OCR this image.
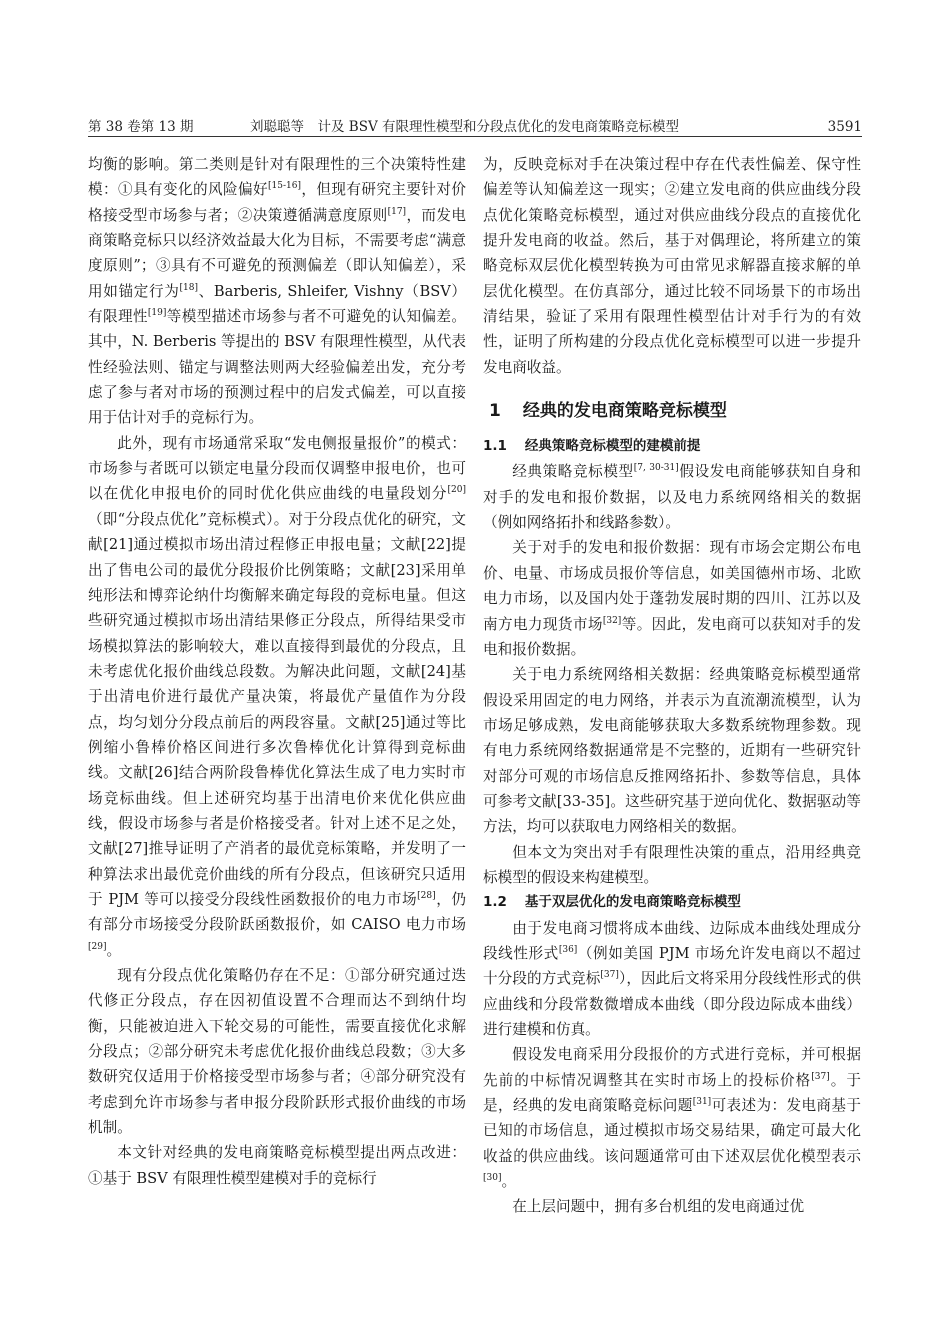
第 38 卷第 13 期	刘聪聪等　计及 BSV 有限理性模型和分段点优化的发电商策略竞标模型	3591

均衡的影响。第二类则是针对有限理性的三个决策特性建模：①具有变化的风险偏好[15-16]，但现有研究主要针对价格接受型市场参与者；②决策遵循满意度原则[17]，而发电商策略竞标只以经济效益最大化为目标，不需要考虑“满意度原则”；③具有不可避免的预测偏差（即认知偏差），采用如锚定行为[18]、Barberis, Shleifer, Vishny（BSV）有限理性[19]等模型描述市场参与者不可避免的认知偏差。其中，N. Berberis 等提出的 BSV 有限理性模型，从代表性经验法则、锚定与调整法则两大经验偏差出发，充分考虑了参与者对市场的预测过程中的启发式偏差，可以直接用于估计对手的竞标行为。

此外，现有市场通常采取“发电侧报量报价”的模式：市场参与者既可以锁定电量分段而仅调整申报电价，也可以在优化申报电价的同时优化供应曲线的电量段划分[20]（即“分段点优化”竞标模式）。对于分段点优化的研究，文献[21]通过模拟市场出清过程修正申报电量；文献[22]提出了售电公司的最优分段报价比例策略；文献[23]采用单纯形法和博弈论纳什均衡解来确定每段的竞标电量。但这些研究通过模拟市场出清结果修正分段点，所得结果受市场模拟算法的影响较大，难以直接得到最优的分段点，且未考虑优化报价曲线总段数。为解决此问题，文献[24]基于出清电价进行最优产量决策，将最优产量值作为分段点，均匀划分分段点前后的两段容量。文献[25]通过等比例缩小鲁棒价格区间进行多次鲁棒优化计算得到竞标曲线。文献[26]结合两阶段鲁棒优化算法生成了电力实时市场竞标曲线。但上述研究均基于出清电价来优化供应曲线，假设市场参与者是价格接受者。针对上述不足之处，文献[27]推导证明了产消者的最优竞标策略，并发明了一种算法求出最优竞价曲线的所有分段点，但该研究只适用于 PJM 等可以接受分段线性函数报价的电力市场[28]，仍有部分市场接受分段阶跃函数报价，如 CAISO 电力市场[29]。

现有分段点优化策略仍存在不足：①部分研究通过迭代修正分段点，存在因初值设置不合理而达不到纳什均衡，只能被迫进入下轮交易的可能性，需要直接优化求解分段点；②部分研究未考虑优化报价曲线总段数；③大多数研究仅适用于价格接受型市场参与者；④部分研究没有考虑到允许市场参与者申报分段阶跃形式报价曲线的市场机制。

本文针对经典的发电商策略竞标模型提出两点改进：①基于 BSV 有限理性模型建模对手的竞标行

为，反映竞标对手在决策过程中存在代表性偏差、保守性偏差等认知偏差这一现实；②建立发电商的供应曲线分段点优化策略竞标模型，通过对供应曲线分段点的直接优化提升发电商的收益。然后，基于对偶理论，将所建立的策略竞标双层优化模型转换为可由常见求解器直接求解的单层优化模型。在仿真部分，通过比较不同场景下的市场出清结果，验证了采用有限理性模型估计对手行为的有效性，证明了所构建的分段点优化竞标模型可以进一步提升发电商收益。

1 经典的发电商策略竞标模型
1.1 经典策略竞标模型的建模前提

经典策略竞标模型[7, 30-31]假设发电商能够获知自身和对手的发电和报价数据，以及电力系统网络相关的数据（例如网络拓扑和线路参数）。

关于对手的发电和报价数据：现有市场会定期公布电价、电量、市场成员报价等信息，如美国德州市场、北欧电力市场，以及国内处于蓬勃发展时期的四川、江苏以及南方电力现货市场[32]等。因此，发电商可以获知对手的发电和报价数据。

关于电力系统网络相关数据：经典策略竞标模型通常假设采用固定的电力网络，并表示为直流潮流模型，认为市场足够成熟，发电商能够获取大多数系统物理参数。现有电力系统网络数据通常是不完整的，近期有一些研究针对部分可观的市场信息反推网络拓扑、参数等信息，具体可参考文献[33-35]。这些研究基于逆向优化、数据驱动等方法，均可以获取电力网络相关的数据。

但本文为突出对手有限理性决策的重点，沿用经典竞标模型的假设来构建模型。

1.2 基于双层优化的发电商策略竞标模型

由于发电商习惯将成本曲线、边际成本曲线处理成分段线性形式[36]（例如美国 PJM 市场允许发电商以不超过十分段的方式竞标[37]），因此后文将采用分段线性形式的供应曲线和分段常数微增成本曲线（即分段边际成本曲线）进行建模和仿真。

假设发电商采用分段报价的方式进行竞标，并可根据先前的中标情况调整其在实时市场上的投标价格[37]。于是，经典的发电商策略竞标问题[31]可表述为：发电商基于已知的市场信息，通过模拟市场交易结果，确定可最大化收益的供应曲线。该问题通常可由下述双层优化模型表示[30]。

在上层问题中，拥有多台机组的发电商通过优
